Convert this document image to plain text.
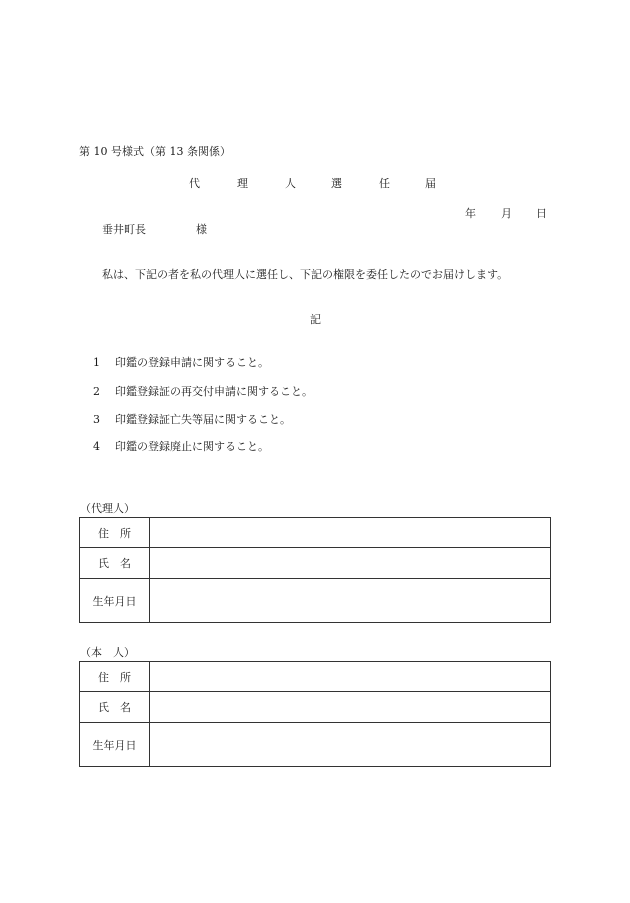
第 10 号様式（第 13 条関係）
代	理	人	選	任	届
年 月 日
垂井町長	様
私は、下記の者を私の代理人に選任し、下記の権限を委任したのでお届けします。
記
1 印鑑の登録申請に関すること。
2 印鑑登録証の再交付申請に関すること。
3 印鑑登録証亡失等届に関すること。
4 印鑑の登録廃止に関すること。
（代理人）
住　所	
氏　名	
生年月日	
（本　人）
住　所	
氏　名	
生年月日	
